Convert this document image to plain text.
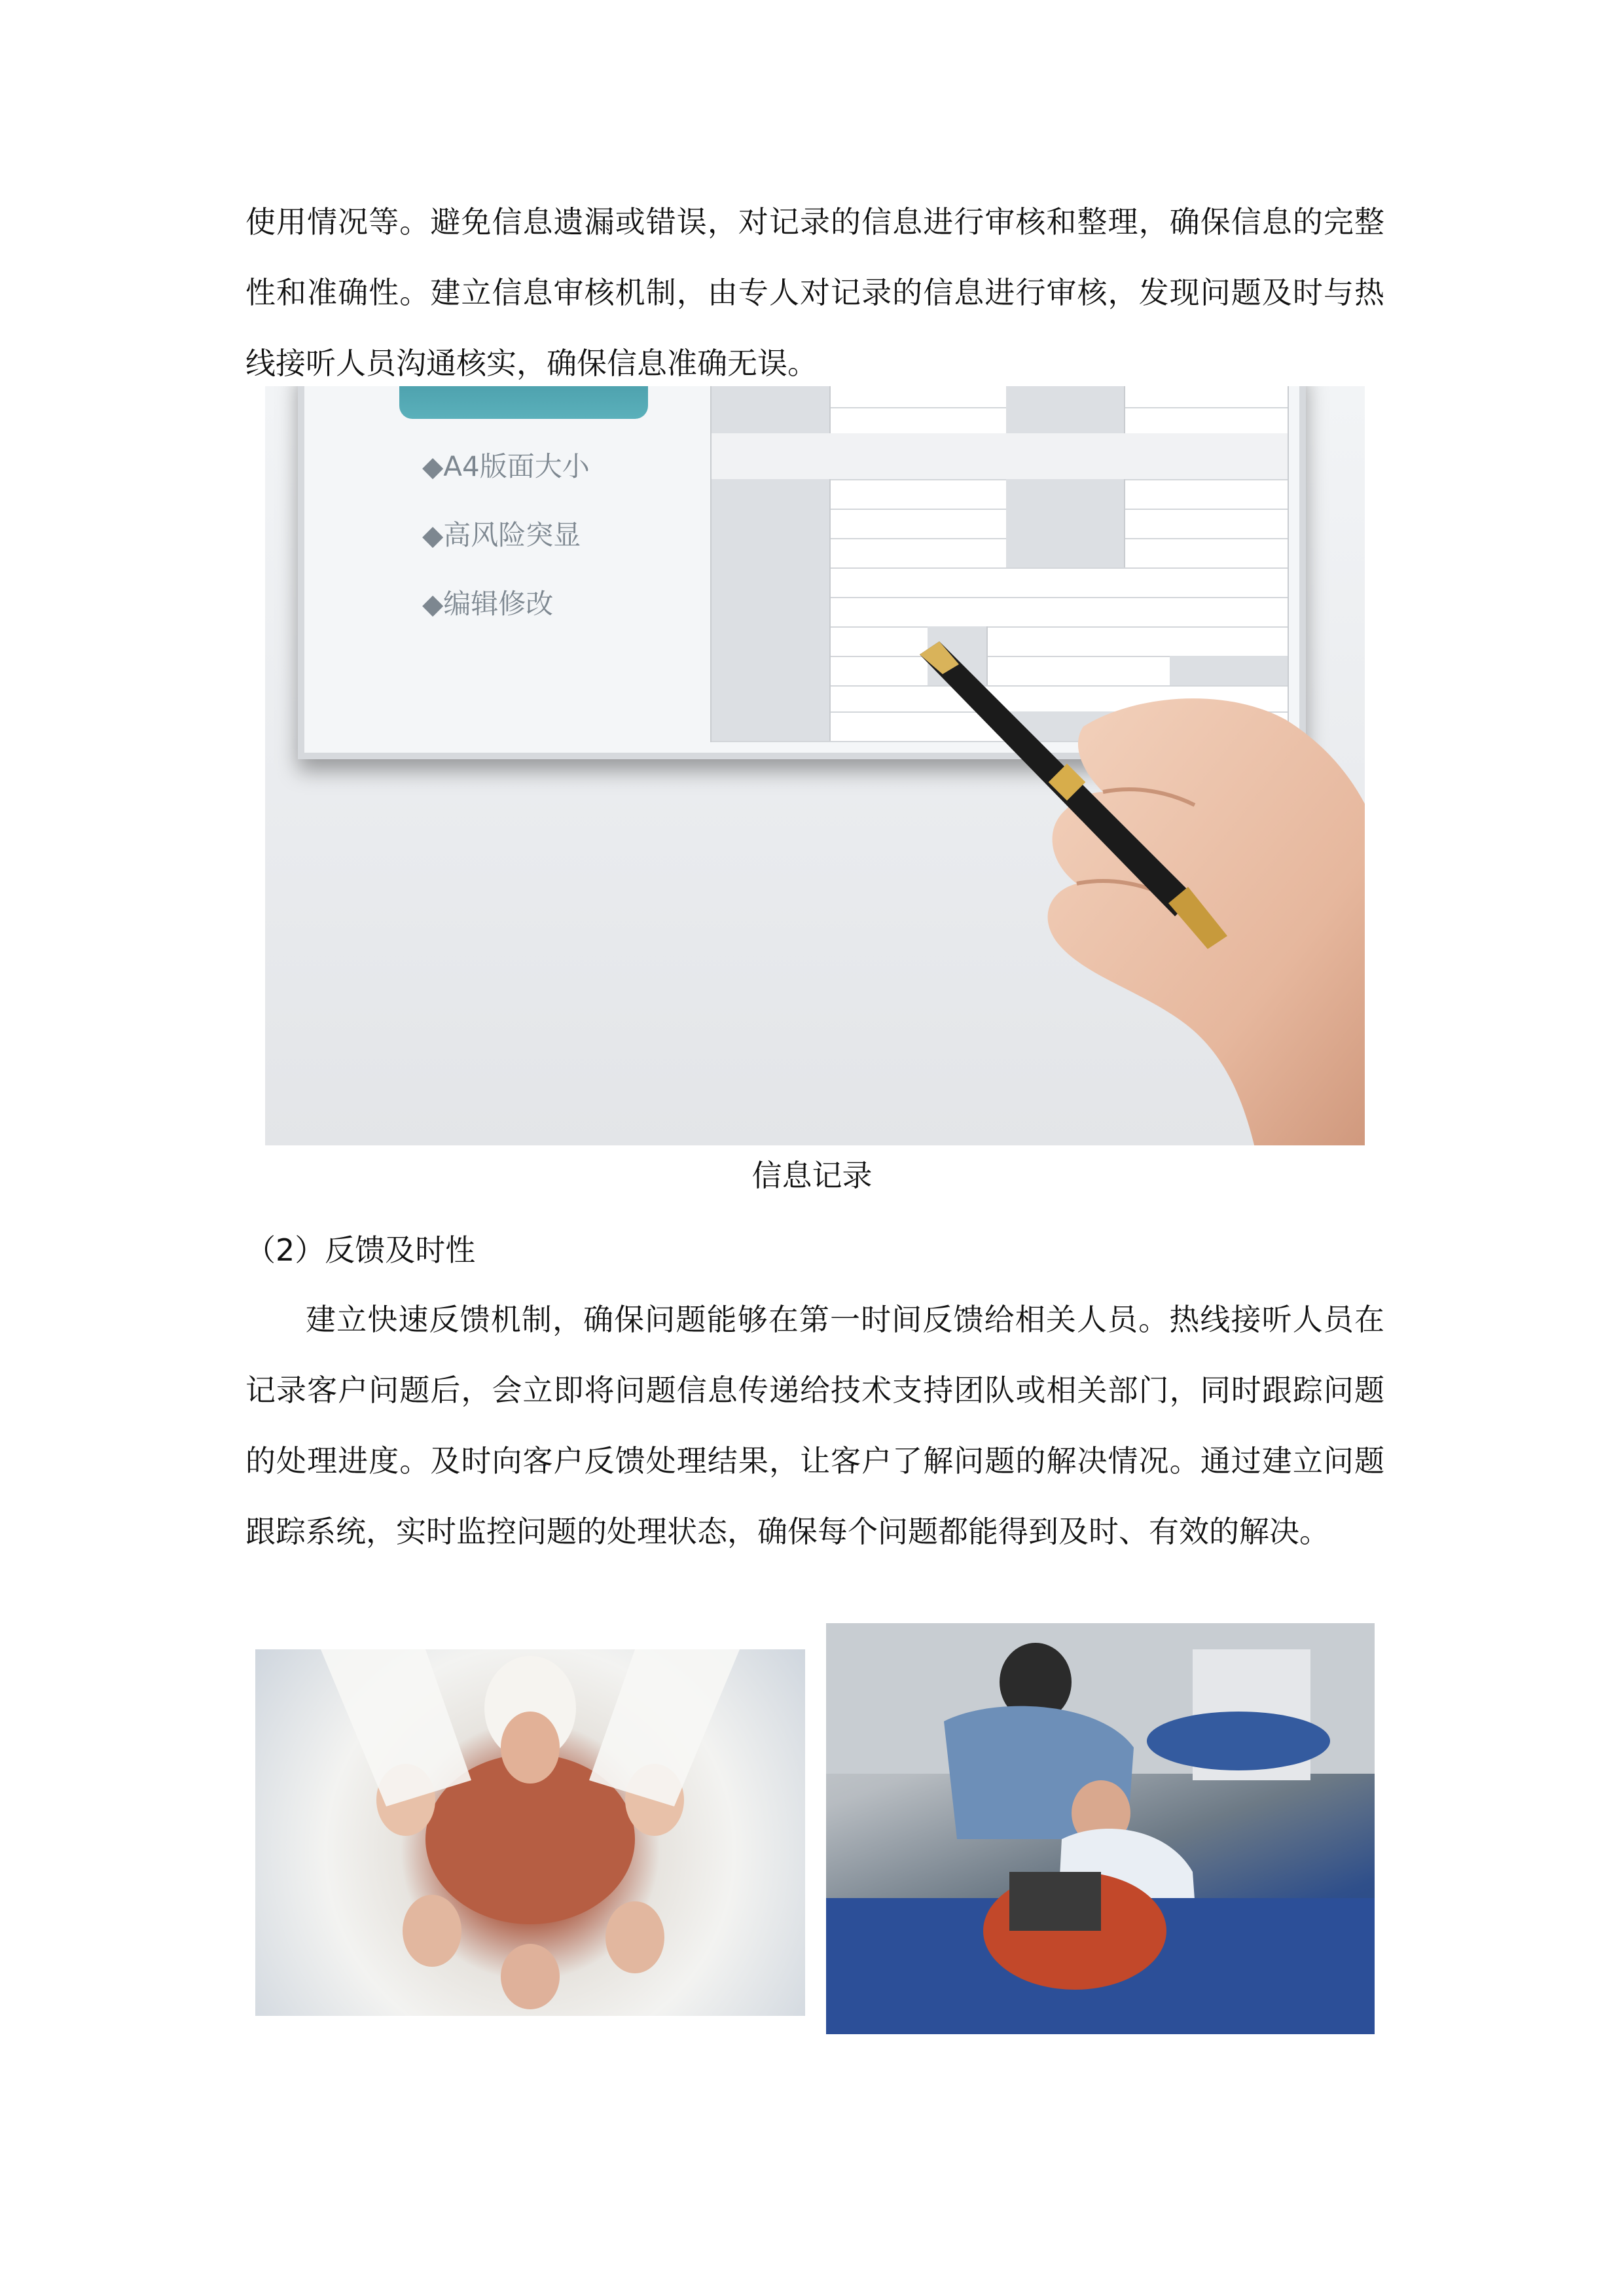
使用情况等。避免信息遗漏或错误，对记录的信息进行审核和整理，确保信息的完整性和准确性。建立信息审核机制，由专人对记录的信息进行审核，发现问题及时与热线接听人员沟通核实，确保信息准确无误。

◆A4版面大小
◆高风险突显
◆编辑修改
信息记录

（2）反馈及时性

建立快速反馈机制，确保问题能够在第一时间反馈给相关人员。热线接听人员在记录客户问题后，会立即将问题信息传递给技术支持团队或相关部门，同时跟踪问题的处理进度。及时向客户反馈处理结果，让客户了解问题的解决情况。通过建立问题跟踪系统，实时监控问题的处理状态，确保每个问题都能得到及时、有效的解决。
